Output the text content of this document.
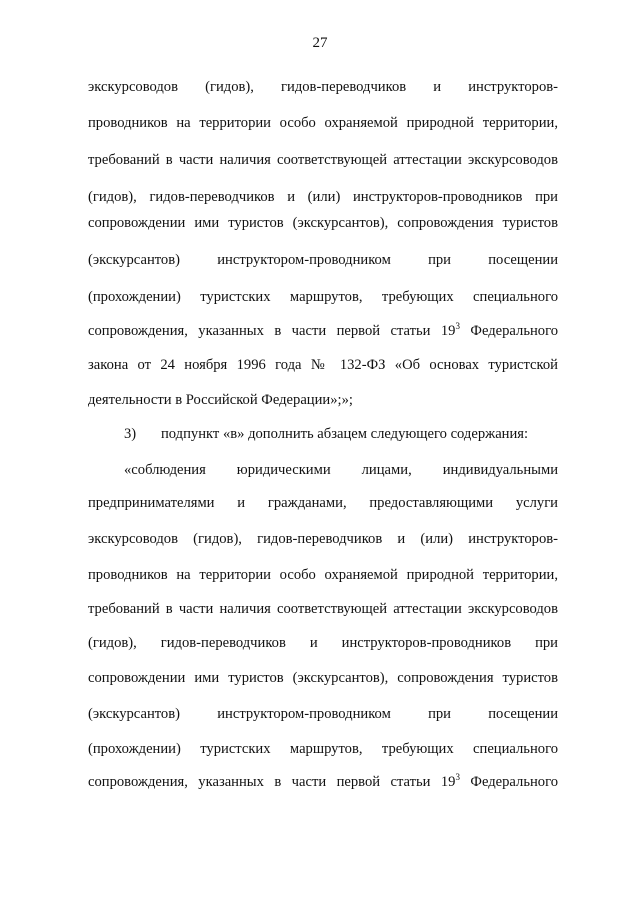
27
экскурсоводов (гидов), гидов-переводчиков и инструкторов-
проводников на территории особо охраняемой природной территории,
требований в части наличия соответствующей аттестации экскурсоводов
(гидов), гидов-переводчиков и (или) инструкторов-проводников при
сопровождении ими туристов (экскурсантов), сопровождения туристов
(экскурсантов) инструктором-проводником при посещении
(прохождении) туристских маршрутов, требующих специального
сопровождения, указанных в части первой статьи $19^3$ Федерального
закона от 24 ноября 1996 года № 132-ФЗ «Об основах туристской
деятельности в Российской Федерации»;»;
3) подпункт «в» дополнить абзацем следующего содержания:
«соблюдения юридическими лицами, индивидуальными
предпринимателями и гражданами, предоставляющими услуги
экскурсоводов (гидов), гидов-переводчиков и (или) инструкторов-
проводников на территории особо охраняемой природной территории,
требований в части наличия соответствующей аттестации экскурсоводов
(гидов), гидов-переводчиков и инструкторов-проводников при
сопровождении ими туристов (экскурсантов), сопровождения туристов
(экскурсантов) инструктором-проводником при посещении
(прохождении) туристских маршрутов, требующих специального
сопровождения, указанных в части первой статьи $19^3$ Федерального
